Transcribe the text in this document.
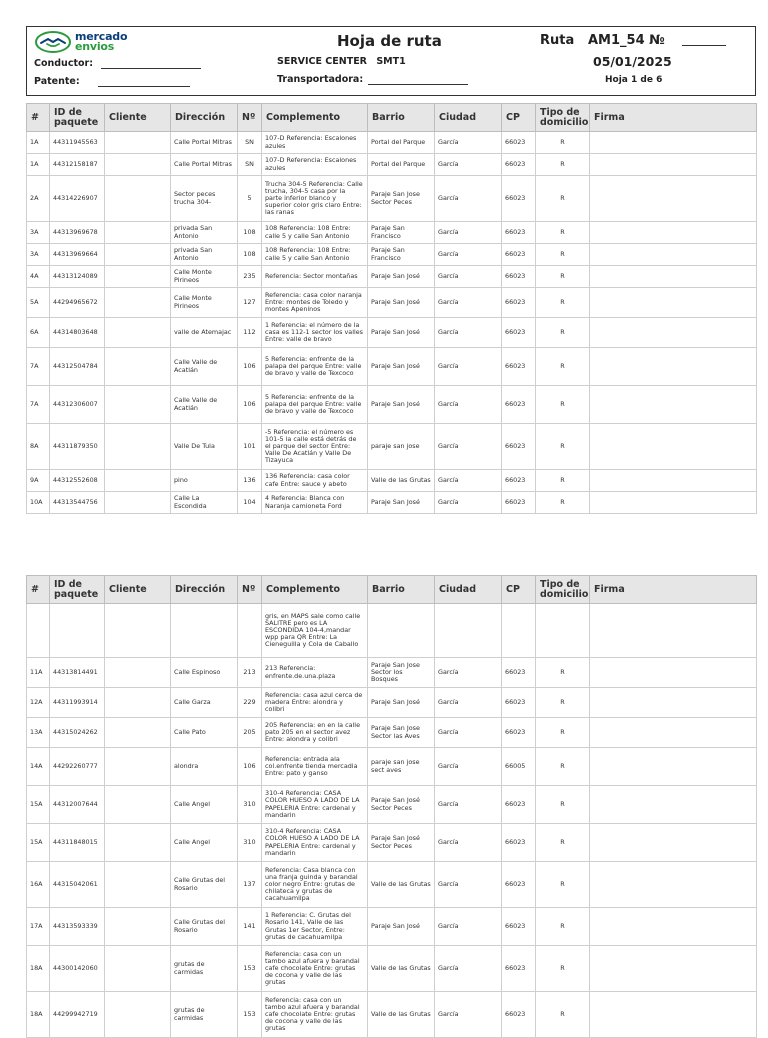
mercado
envios
Conductor:
Patente:
Hoja de ruta
SERVICE CENTER SMT1
Transportadora:
Ruta AM1_54 №
05/01/2025
Hoja 1 de 6
#	ID de paquete	Cliente	Dirección	Nº	Complemento	Barrio	Ciudad	CP	Tipo de domicilio	Firma
1A	44311945563		Calle Portal Mitras	SN	107-D Referencia: Escalones azules	Portal del Parque	García	66023	R	
1A	44312158187		Calle Portal Mitras	SN	107-D Referencia: Escalones azules	Portal del Parque	García	66023	R	
2A	44314226907		Sector peces trucha 304-	5	Trucha 304-5 Referencia: Calle trucha, 304-5 casa por la parte inferior blanco y superior color gris claro Entre: las ranas	Paraje San Jose Sector Peces	García	66023	R	
3A	44313969678		privada San Antonio	108	108 Referencia: 108 Entre: calle 5 y calle San Antonio	Paraje San Francisco	García	66023	R	
3A	44313969664		privada San Antonio	108	108 Referencia: 108 Entre: calle 5 y calle San Antonio	Paraje San Francisco	García	66023	R	
4A	44313124089		Calle Monte Pirineos	235	Referencia: Sector montañas	Paraje San José	García	66023	R	
5A	44294965672		Calle Monte Pirineos	127	Referencia: casa color naranja Entre: montes de Toledo y montes Apeninos	Paraje San José	García	66023	R	
6A	44314803648		valle de Atemajac	112	1 Referencia: el número de la casa es 112-1 sector los valles Entre: valle de bravo	Paraje San José	García	66023	R	
7A	44312504784		Calle Valle de Acatlán	106	5 Referencia: enfrente de la palapa del parque Entre: valle de bravo y valle de Texcoco	Paraje San José	García	66023	R	
7A	44312306007		Calle Valle de Acatlán	106	5 Referencia: enfrente de la palapa del parque Entre: valle de bravo y valle de Texcoco	Paraje San José	García	66023	R	
8A	44311879350		Valle De Tula	101	-5 Referencia: el número es 101-5 la calle está detrás de el parque del sector Entre: Valle De Acatlán y Valle De Tizayuca	paraje san jose	García	66023	R	
9A	44312552608		pino	136	136 Referencia: casa color cafe Entre: sauce y abeto	Valle de las Grutas	García	66023	R	
10A	44313544756		Calle La Escondida	104	4 Referencia: Blanca con Naranja camioneta Ford	Paraje San José	García	66023	R	
#	ID de paquete	Cliente	Dirección	Nº	Complemento	Barrio	Ciudad	CP	Tipo de domicilio	Firma
					gris, en MAPS sale como calle SALITRE pero es LA ESCONDIDA 104-4,mandar wpp para QR Entre: La Cieneguilla y Cola de Caballo					
11A	44313814491		Calle Espinoso	213	213 Referencia: enfrente.de.una.plaza	Paraje San Jose Sector los Bosques	García	66023	R	
12A	44311993914		Calle Garza	229	Referencia: casa azul cerca de madera Entre: alondra y colibri	Paraje San José	García	66023	R	
13A	44315024262		Calle Pato	205	205 Referencia: en en la calle pato 205 en el sector avez Entre: alondra y colibri	Paraje San Jose Sector las Aves	García	66023	R	
14A	44292260777		alondra	106	Referencia: entrada ala col.enfrente tienda mercadia Entre: pato y ganso	paraje san jose sect aves	García	66005	R	
15A	44312007644		Calle Angel	310	310-4 Referencia: CASA COLOR HUESO A LADO DE LA PAPELERIA Entre: cardenal y mandarin	Paraje San José Sector Peces	García	66023	R	
15A	44311848015		Calle Angel	310	310-4 Referencia: CASA COLOR HUESO A LADO DE LA PAPELERIA Entre: cardenal y mandarin	Paraje San José Sector Peces	García	66023	R	
16A	44315042061		Calle Grutas del Rosario	137	Referencia: Casa blanca con una franja guinda y barandal color negro Entre: grutas de chilateca y grutas de cacahuamilpa	Valle de las Grutas	García	66023	R	
17A	44313593339		Calle Grutas del Rosario	141	1 Referencia: C. Grutas del Rosario 141, Valle de las Grutas 1er Sector, Entre: grutas de cacahuamilpa	Paraje San José	García	66023	R	
18A	44300142060		grutas de carmidas	153	Referencia: casa con un tambo azul afuera y barandal cafe chocolate Entre: grutas de cocona y valle de las grutas	Valle de las Grutas	García	66023	R	
18A	44299942719		grutas de carmidas	153	Referencia: casa con un tambo azul afuera y barandal cafe chocolate Entre: grutas de cocona y valle de las grutas	Valle de las Grutas	García	66023	R	
